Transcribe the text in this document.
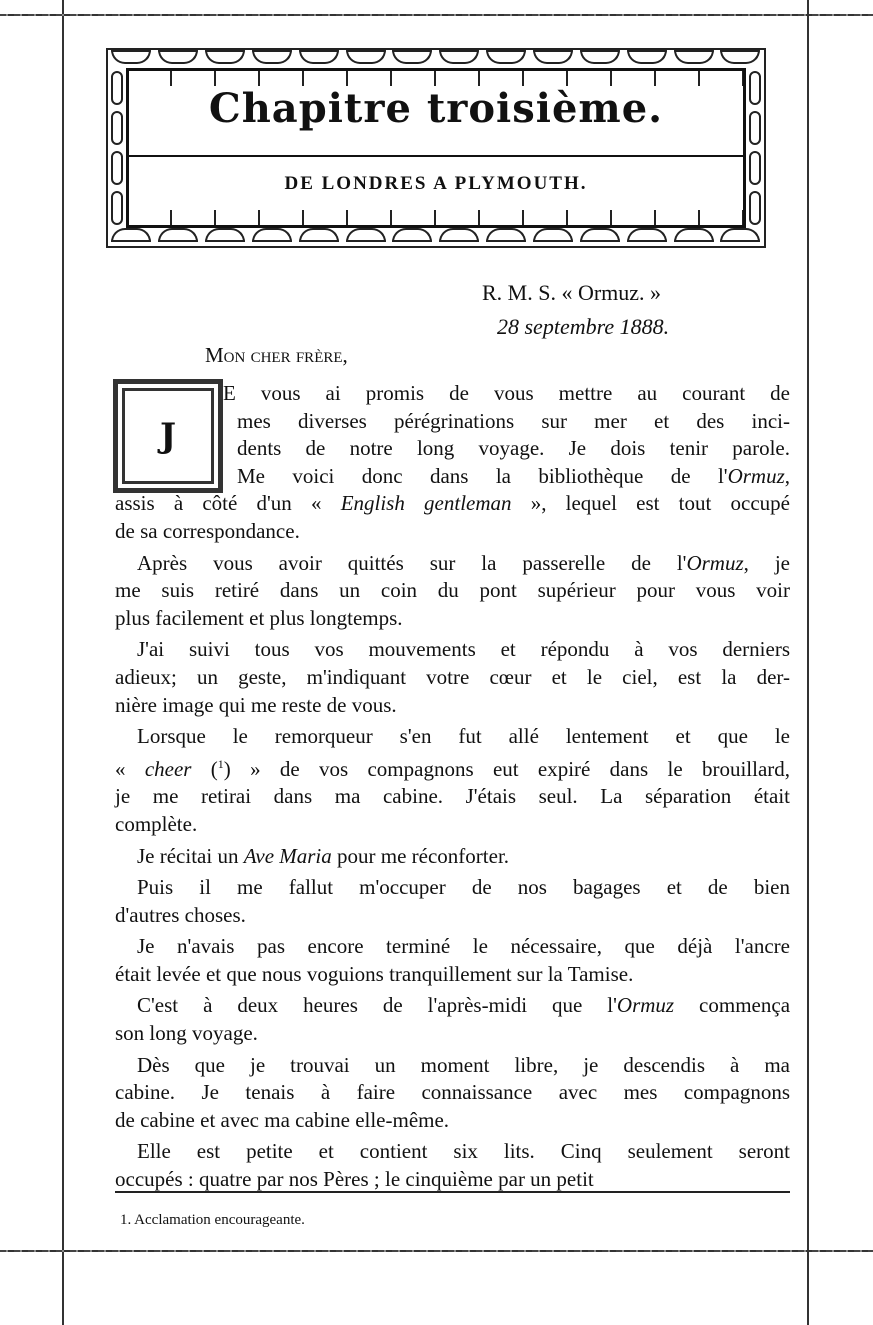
Chapitre troisième.
DE LONDRES A PLYMOUTH.
R. M. S. « Ormuz. »
28 septembre 1888.
Mon cher frère,
J
E vous ai promis de vous mettre au courant de
mes diverses pérégrinations sur mer et des inci-
dents de notre long voyage. Je dois tenir parole.
Me voici donc dans la bibliothèque de l'Ormuz,
assis à côté d'un « English gentleman », lequel est tout occupé
de sa correspondance.
Après vous avoir quittés sur la passerelle de l'Ormuz, je
me suis retiré dans un coin du pont supérieur pour vous voir
plus facilement et plus longtemps.
J'ai suivi tous vos mouvements et répondu à vos derniers
adieux; un geste, m'indiquant votre cœur et le ciel, est la der-
nière image qui me reste de vous.
Lorsque le remorqueur s'en fut allé lentement et que le
« cheer ($^1$) » de vos compagnons eut expiré dans le brouillard,
je me retirai dans ma cabine. J'étais seul. La séparation était
complète.
Je récitai un Ave Maria pour me réconforter.
Puis il me fallut m'occuper de nos bagages et de bien
d'autres choses.
Je n'avais pas encore terminé le nécessaire, que déjà l'ancre
était levée et que nous voguions tranquillement sur la Tamise.
C'est à deux heures de l'après-midi que l'Ormuz commença
son long voyage.
Dès que je trouvai un moment libre, je descendis à ma
cabine. Je tenais à faire connaissance avec mes compagnons
de cabine et avec ma cabine elle-même.
Elle est petite et contient six lits. Cinq seulement seront
occupés : quatre par nos Pères ; le cinquième par un petit
1. Acclamation encourageante.
